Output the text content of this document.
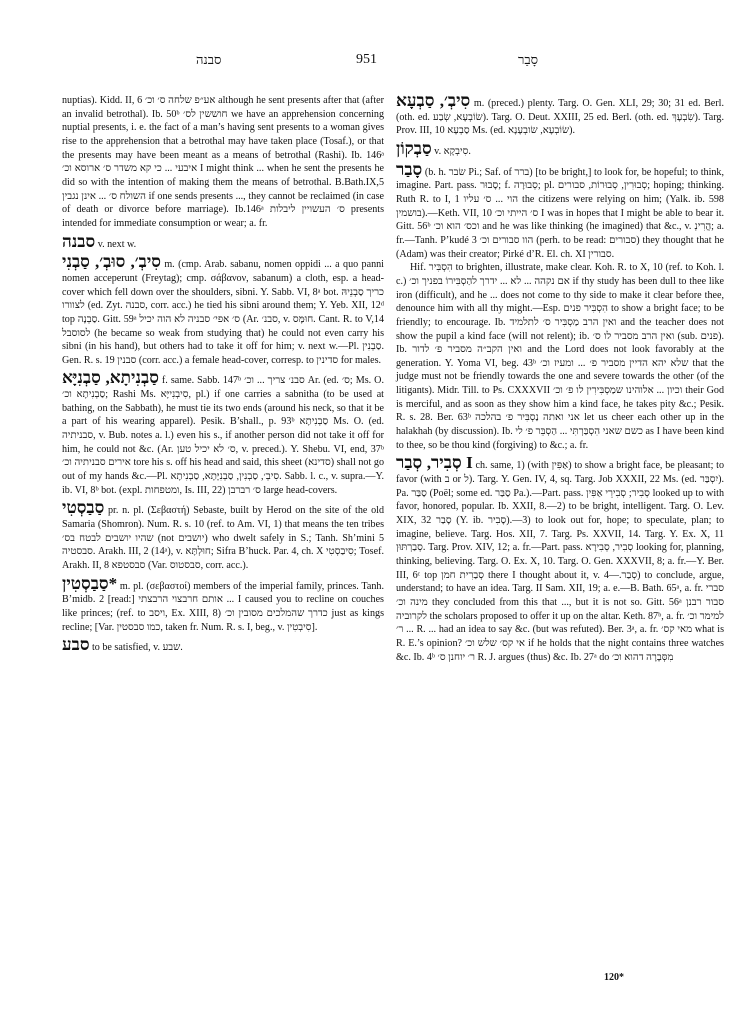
סבנה	951	סָבַר

nuptias). Kidd. II, 6 אע״פ שלחה ס׳ וכ׳ although he sent presents after that (after an invalid betrothal). Ib. 50ᵇ חוששין לס׳ we have an apprehension concerning nuptial presents, i. e. the fact of a man’s having sent presents to a woman gives rise to the apprehension that a betrothal may have taken place (Tosaf.), or that the presents may have been meant as a means of betrothal (Rashi). Ib. 146ᵃ איבעי ... כי קא משדר ס׳ ארוסא וכ׳ I might think ... when he sent the presents he did so with the intention of making them the means of betrothal. B.Bath.IX,5 השולח ס׳ ... אינן נגבין if one sends presents ..., they cannot be reclaimed (in case of death or divorce before marriage). Ib.146ᵃ ס׳ העשויין ליבלות presents intended for immediate consumption or wear; a. fr.

סבנה v. next w.

סִיבְ׳, סוּבְ׳, סַבְנִי m. (cmp. Arab. sabanu, nomen oppidi ... a quo panni nomen acceperunt (Freytag); cmp. σάβανον, sabanum) a cloth, esp. a head-cover which fell down over the shoulders, sibni. Y. Sabb. VI, 8ᵃ bot. כריך סַבְנֵיהּ לצוורו (ed. Zyt. סבנה, corr. acc.) he tied his sibni around them; Y. Yeb. XII, 12ᵈ top סַבְנָה. Gitt. 59ᵃ ס׳ אפי׳ סבניה לא הוה יכיל (Ar. סבנ׳, v. חוּמָּס. Cant. R. to V,14 לסוסבל (he became so weak from studying that) he could not even carry his sibni (in his hand), but others had to take it off for him; v. next w.—Pl. סַבְנִין. Gen. R. s. 19 סבנין (corr. acc.) a female head-cover, corresp. to סדינין for males.

סַבְנִיתָא, סַבְנִיָּא f. same. Sabb. 147ᵇ סבנ׳ צריך ... וכ׳ Ar. (ed. ס׳; Ms. O. סַבְנִיתָא וכ׳; Rashi Ms. סִיבְנִייָּא, pl.) if one carries a sabnitha (to be used at bathing, on the Sabbath), he must tie its two ends (around his neck, so that it be a part of his wearing apparel). Pesik. B’shall., p. 93ᵇ סַבְנִיתָא Ms. O. (ed. סבניתיה, v. Bub. notes a. l.) even his s., if another person did not take it off for him, he could not &c. (Ar. ס׳ לא יכיל טען, v. preced.). Y. Shebu. VI, end, 37ᵇ אירים סבניתיה וכ׳ tore his s. off his head and said, this sheet (סדינא) shall not go out of my hands &c.—Pl. סִיבְ׳, סַבְנִין, סַבְנִיָּתָא, סַבְנִיתָא. Sabb. l. c., v. supra.—Y. ib. VI, 8ᵇ bot. (expl. ומטפחות, Is. III, 22) ס׳ רברבן large head-covers.

סַבַסְטִי pr. n. pl. (Σεβαστή) Sebaste, built by Herod on the site of the old Samaria (Shomron). Num. R. s. 10 (ref. to Am. VI, 1) that means the ten tribes שהיו יושבים לבטח בס׳ (not יושבים) who dwelt safely in S.; Tanh. Sh’mini 5 סבסטיה. Arakh. III, 2 (14ᵃ), v. חוּלְתָּא; Sifra B’huck. Par. 4, ch. X סִיבַסְטִי; Tosef. Arakh. II, 8 סבסטפא (Var. סבסטוס, corr. acc.).

*סַבַסְטִין m. pl. (σεβαστοί) members of the imperial family, princes. Tanh. B’midb. 2 [read:] אותם חרבצוי הרבצתי ... I caused you to recline on couches like princes; (ref. to ויסב, Ex. XIII, 8) כדרך שהמלכים מסובין וכ׳ just as kings recline; [Var. כמו סבסטין, taken fr. Num. R. s. I, beg., v. סִיבְטִין].

סבע to be satisfied, v. שבע.

סִיבְ׳, סַבְעָא m. (preced.) plenty. Targ. O. Gen. XLI, 29; 30; 31 ed. Berl. (oth. ed. שׂוֹבְעָא, שְׂבַע). Targ. O. Deut. XXIII, 25 ed. Berl. (oth. ed. שִׂבְעָךְ). Targ. Prov. III, 10 סַבְעָא Ms. (ed. שׂוֹבְעָא, שׂובְעָנָא).

סַבְקוֹן v. סִיבְקָא.

סָבַר (b. h. שׂבר Pi.; Saf. of ברר) [to be bright,] to look for, be hopeful; to think, imagine. Part. pass. סָבוּר; f. סְבוּרָה; pl. סְבוּרִין, סְבוּרוֹת, סבורים; hoping; thinking. Ruth R. to I, 1 הוי ... ס׳ עליו the citizens were relying on him; (Yalk. ib. 598 בושמין).—Keth. VII, 10 ס׳ הייתי וכ׳ I was in hopes that I might be able to bear it. Gitt. 56ᵇ וכס׳ הוא וכ׳ and he was like thinking (he imagined) that &c., v. הֲרִינְ; a. fr.—Tanh. P’kudé 3 הוו סבורים וכ׳ (perh. to be read: סבורים) they thought that he (Adam) was their creator; Pirké d’R. El. ch. XI סבורין.

Hif. הִסְבִּיר to brighten, illustrate, make clear. Koh. R. to X, 10 (ref. to Koh. l. c.) אם נקהה ... לא ... ידרך להַסְבִּירוֹ בפניך וכ׳ if thy study has been dull to thee like iron (difficult), and he ... does not come to thy side to make it clear before thee, denounce him with all thy might.—Esp. הִסְבִּיר פנים to show a bright face; to be friendly; to encourage. Ib. ואין הרב מַסְבִּיר ס׳ לתלמיד and the teacher does not show the pupil a kind face (will not relent); ib. ואין הרב מסביר לו ס׳ (sub. פנים). Ib. ואין הקב״ה מסביר פ׳ לדור and the Lord does not look favorably at the generation. Y. Yoma VI, beg. 43ᵇ שלא יהא הדיין מסביר פ׳ ... ומעיז וכ׳ that the judge must not be friendly towards the one and severe towards the other (of the litigants). Midr. Till. to Ps. CXXXVII וכיון ... אלוהינו שמַסְבִּירִין לו פ׳ וכ׳ their God is merciful, and as soon as they show him a kind face, he takes pity &c.; Pesik. R. s. 28. Ber. 63ᵇ אני ואתה נַסְבִּיר פ׳ בהלכה let us cheer each other up in the halakhah (by discussion). Ib. כשם שאני הִסְבַּרְתִּי ... הַסְבֵּר פ׳ לי as I have been kind to thee, so be thou kind (forgiving) to &c.; a. fr.

I סְבִיר, סְבַר ch. same, 1) (with אַפִּין) to show a bright face, be pleasant; to favor (with ב or ל). Targ. Y. Gen. IV, 4, sq. Targ. Job XXXII, 22 Ms. (ed. יִסְבַּר). Pa. סַבַּר (Poël; some ed. סַבַּר Pa.).—Part. pass. סְבִיר; סְבִירֵי אַפִּין looked up to with favor, honored, popular. Ib. XXII, 8.—2) to be bright, intelligent. Targ. O. Lev. XIX, 32 סָבַר (Y. ib. סָבִיר).—3) to look out for, hope; to speculate, plan; to imagine, believe. Targ. Hos. XII, 7. Targ. Ps. XXVII, 14. Targ. Y. Ex. X, 11 סְבַרְתּוּן. Targ. Prov. XIV, 12; a. fr.—Part. pass. סְבִיר, סְבִירָא looking for, planning, thinking, believing. Targ. O. Ex. X, 10. Targ. O. Gen. XXXVII, 8; a. fr.—Y. Ber. III, 6ᶜ top סְבַרִית חמן there I thought about it, v. סְבַר.—4) to conclude, argue, understand; to have an idea. Targ. II Sam. XII, 19; a. e.—B. Bath. 65ᵃ, a. fr. סברי מינה וכ׳ they concluded from this that ..., but it is not so. Gitt. 56ᵃ סבור רבנן לקרוביה the scholars proposed to offer it up on the altar. Keth. 87ᵇ, a. fr. למימר וכ׳ ... ר׳ R. ... had an idea to say &c. (but was refuted). Ber. 3ᵃ, a. fr. מאי קס׳ what is R. E.’s opinion? אי קס׳ שלש וכ׳ if he holds that the night contains three watches &c. Ib. 4ᵇ ר׳ יוחנן ס׳ R. J. argues (thus) &c. Ib. 27ᵃ do מִסְּבָרָה דהוא וכ׳

120*
